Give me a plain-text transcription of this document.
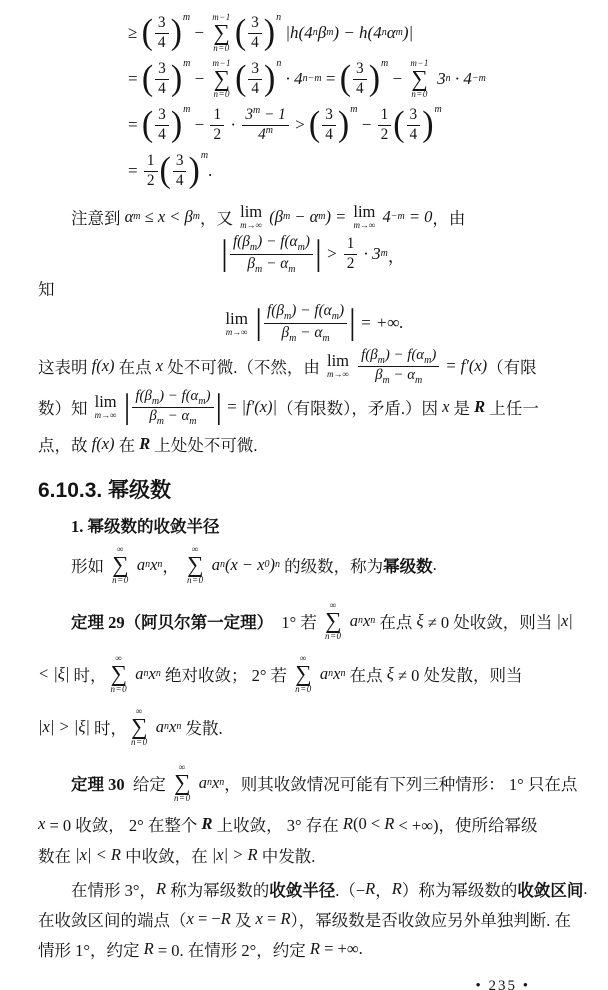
≥ ( $\frac{3}{4}$ ) m
−
m−1
∑
n=0 ( $\frac{3}{4}$ ) n
|h(4 n β m ) − h(4 n α m )|
= ( $\frac{3}{4}$ ) m
−
m−1
∑
n=0 ( $\frac{3}{4}$ ) n
· 4 n−m = ( $\frac{3}{4}$ ) m
−
m−1
∑
n=0
3 n · 4 −m
= ( $\frac{3}{4}$ ) m
− $\frac{1}{2} \cdot \frac{3^m - 1}{4^m}$ > ( $\frac{3}{4}$ ) m
− $\frac{1}{2}$ ( $\frac{3}{4}$ ) m
= $\frac{1}{2}$ ( $\frac{3}{4}$ ) m
.
注意到 α m ≤ x < β m ，又 lim
m→∞ (β m − α m ) = lim
m→∞ 4 −m = 0 ，由
| $\frac{f(\beta_m) - f(\alpha_m)}{\beta_m - \alpha_m}$ | > $\frac{1}{2} \cdot 3$ m ，
知
lim
m→∞
| $\frac{f(\beta_m) - f(\alpha_m)}{\beta_m - \alpha_m}$ | = +∞.
这表明 f(x) 在点 x 处不可微.（不然，由 lim
m→∞
$\frac{f(\beta_m) - f(\alpha_m)}{\beta_m - \alpha_m} = f'(x)$ （有限
数）知 lim
m→∞
| $\frac{f(\beta_m) - f(\alpha_m)}{\beta_m - \alpha_m}$ | = |f′(x)| （有限数），矛盾.）因 x 是 R 上任一
点，故 f(x) 在 R 上处处不可微.
6.10.3. 幂级数
1. 幂级数的收敛半径
形如
∞
∑
n=0
a n x n ，
∞
∑
n=0
a n (x − x 0 ) n 的级数，称为 幂级数 .
定理 29（阿贝尔第一定理） 1° 若
∞
∑
n=0
a n x n 在点 ξ ≠ 0 处收敛，则当 |x|
< |ξ| 时，
∞
∑
n=0
a n x n 绝对收敛； 2° 若
∞
∑
n=0
a n x n 在点 ξ ≠ 0 处发散，则当
|x| > |ξ| 时，
∞
∑
n=0
a n x n 发散.
定理 30 给定
∞
∑
n=0
a n x n ，则其收敛情况可能有下列三种情形： 1° 只在点
x = 0 收敛， 2° 在整个 R 上收敛， 3° 存在 R (0 < R < +∞)，使所给幂级
数在 |x| < R 中收敛，在 |x| > R 中发散.
在情形 3°， R 称为幂级数的 收敛半径 .（− R ， R ）称为幂级数的 收敛区间 .
在收敛区间的端点（ x = − R 及 x = R ），幂级数是否收敛应另外单独判断. 在
情形 1°，约定 R = 0. 在情形 2°，约定 R = +∞.
• 235 •
